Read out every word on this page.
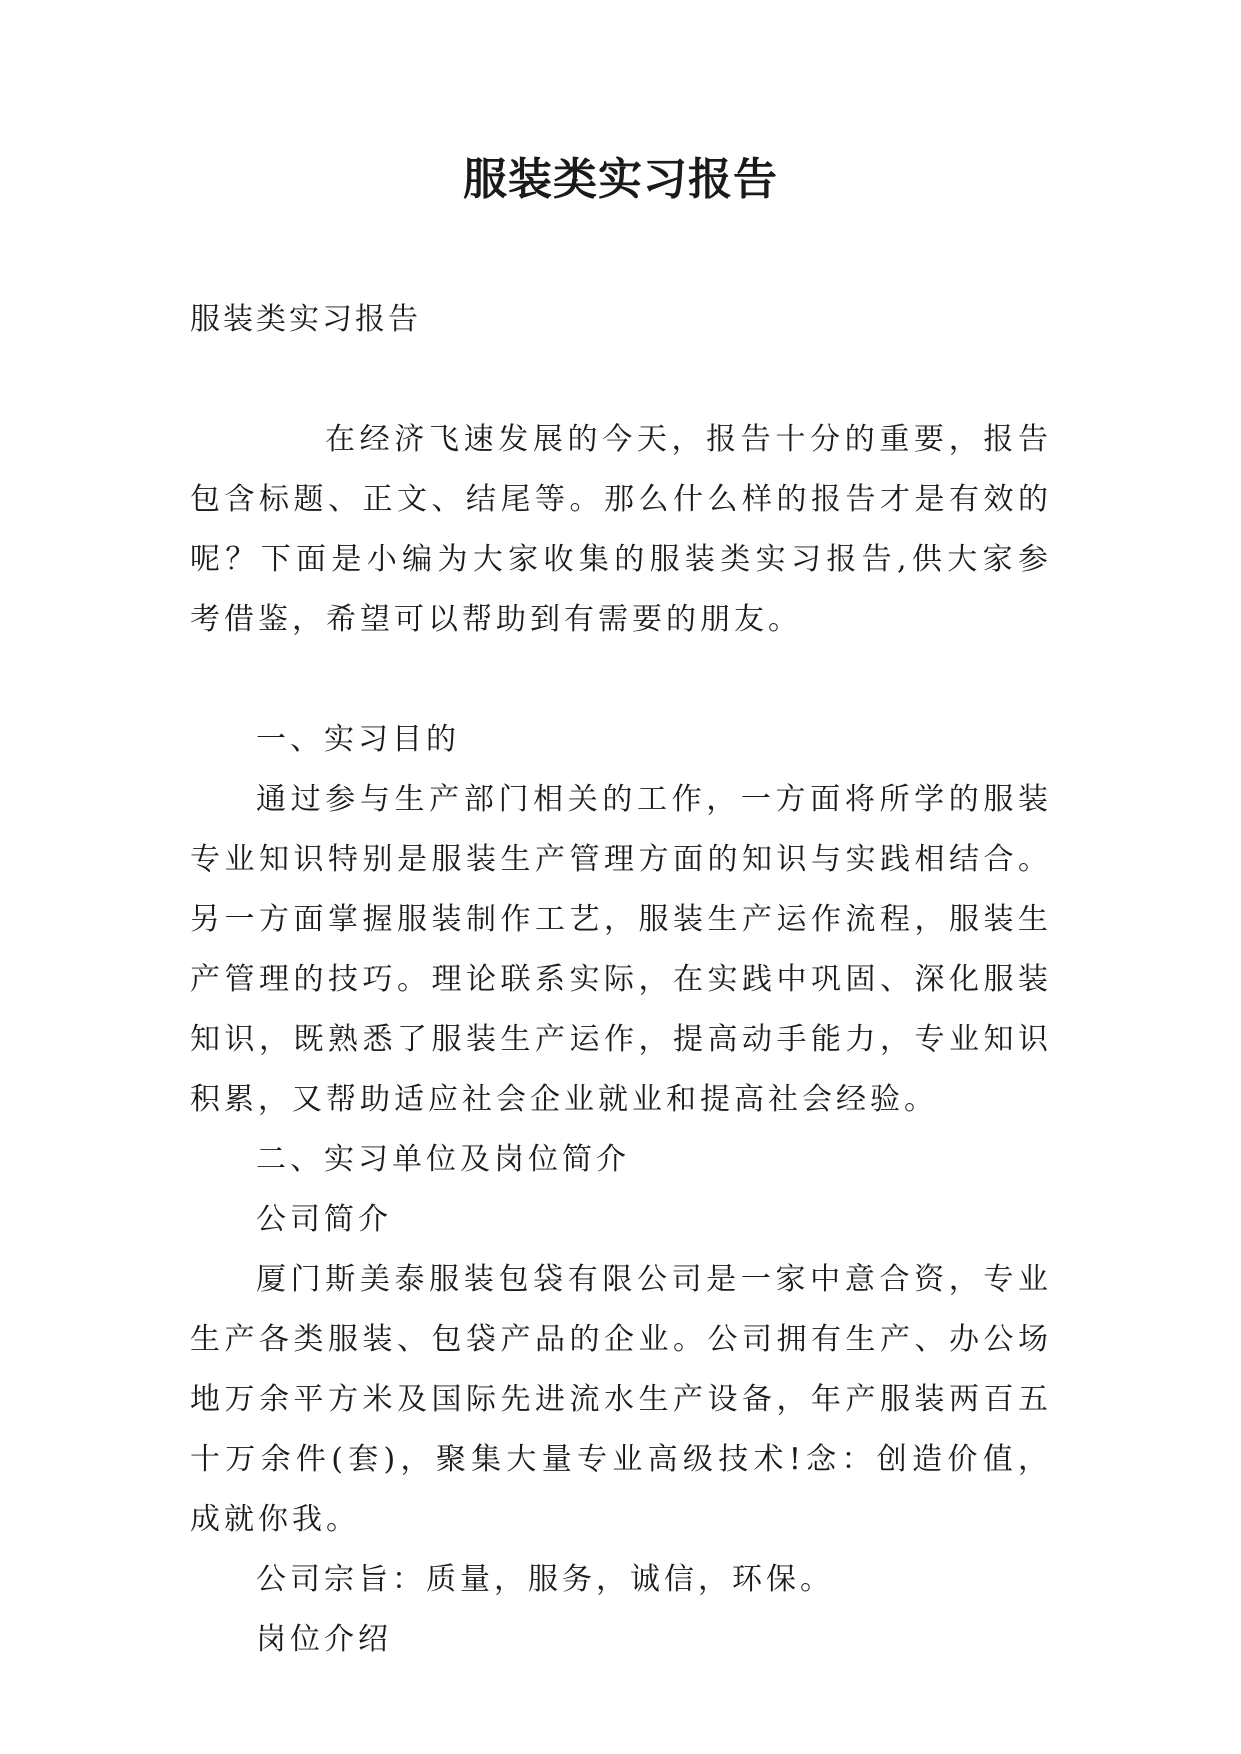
服装类实习报告

服装类实习报告

在经济飞速发展的今天，报告十分的重要，报告包含标题、正文、结尾等。那么什么样的报告才是有效的呢？下面是小编为大家收集的服装类实习报告,供大家参考借鉴，希望可以帮助到有需要的朋友。

一、实习目的

通过参与生产部门相关的工作，一方面将所学的服装专业知识特别是服装生产管理方面的知识与实践相结合。另一方面掌握服装制作工艺，服装生产运作流程，服装生产管理的技巧。理论联系实际，在实践中巩固、深化服装知识，既熟悉了服装生产运作，提高动手能力，专业知识积累，又帮助适应社会企业就业和提高社会经验。

二、实习单位及岗位简介

公司简介

厦门斯美泰服装包袋有限公司是一家中意合资，专业生产各类服装、包袋产品的企业。公司拥有生产、办公场地万余平方米及国际先进流水生产设备，年产服装两百五十万余件(套)，聚集大量专业高级技术!念：创造价值，成就你我。

公司宗旨：质量，服务，诚信，环保。

岗位介绍
